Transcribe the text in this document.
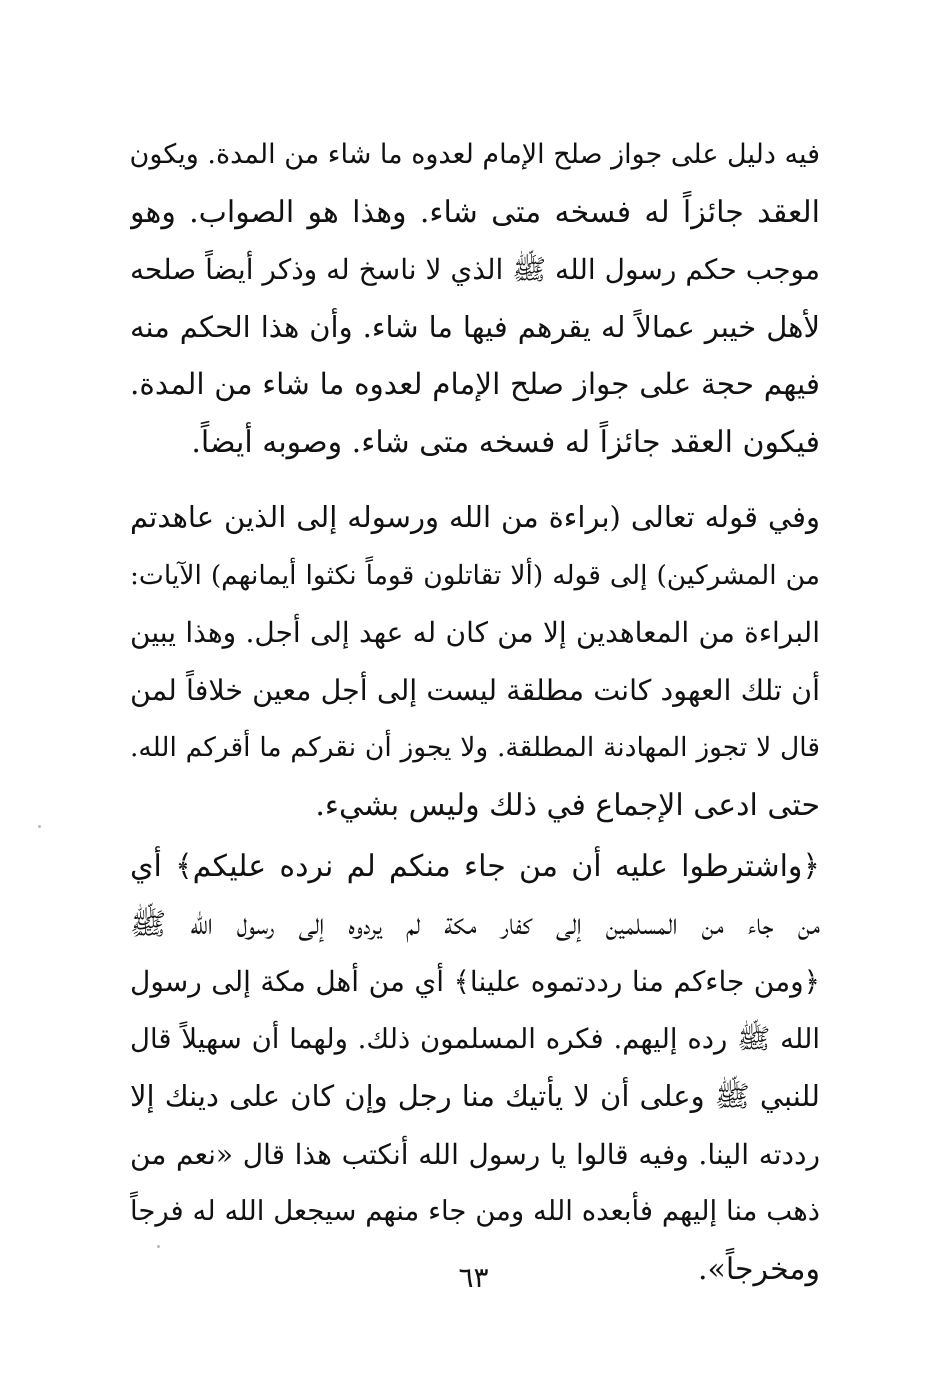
فيه دليل على جواز صلح الإمام لعدوه ما شاء من المدة. ويكون
العقد جائزاً له فسخه متى شاء. وهذا هو الصواب. وهو
موجب حكم رسول الله ﷺ الذي لا ناسخ له وذكر أيضاً صلحه
لأهل خيبر عمالاً له يقرهم فيها ما شاء. وأن هذا الحكم منه
فيهم حجة على جواز صلح الإمام لعدوه ما شاء من المدة.
فيكون العقد جائزاً له فسخه متى شاء. وصوبه أيضاً.
وفي قوله تعالى (براءة من الله ورسوله إلى الذين عاهدتم
من المشركين) إلى قوله (ألا تقاتلون قوماً نكثوا أيمانهم) الآيات:
البراءة من المعاهدين إلا من كان له عهد إلى أجل. وهذا يبين
أن تلك العهود كانت مطلقة ليست إلى أجل معين خلافاً لمن
قال لا تجوز المهادنة المطلقة. ولا يجوز أن نقركم ما أقركم الله.
حتى ادعى الإجماع في ذلك وليس بشيء.
﴿واشترطوا عليه أن من جاء منكم لم نرده عليكم﴾ أي
من جاء من المسلمين إلى كفار مكة لم يردوه إلى رسول الله ﷺ
﴿ومن جاءكم منا رددتموه علينا﴾ أي من أهل مكة إلى رسول
الله ﷺ رده إليهم. فكره المسلمون ذلك. ولهما أن سهيلاً قال
للنبي ﷺ وعلى أن لا يأتيك منا رجل وإن كان على دينك إلا
رددته الينا. وفيه قالوا يا رسول الله أنكتب هذا قال «نعم من
ذهب منا إليهم فأبعده الله ومن جاء منهم سيجعل الله له فرجاً
ومخرجاً».
٦٣
